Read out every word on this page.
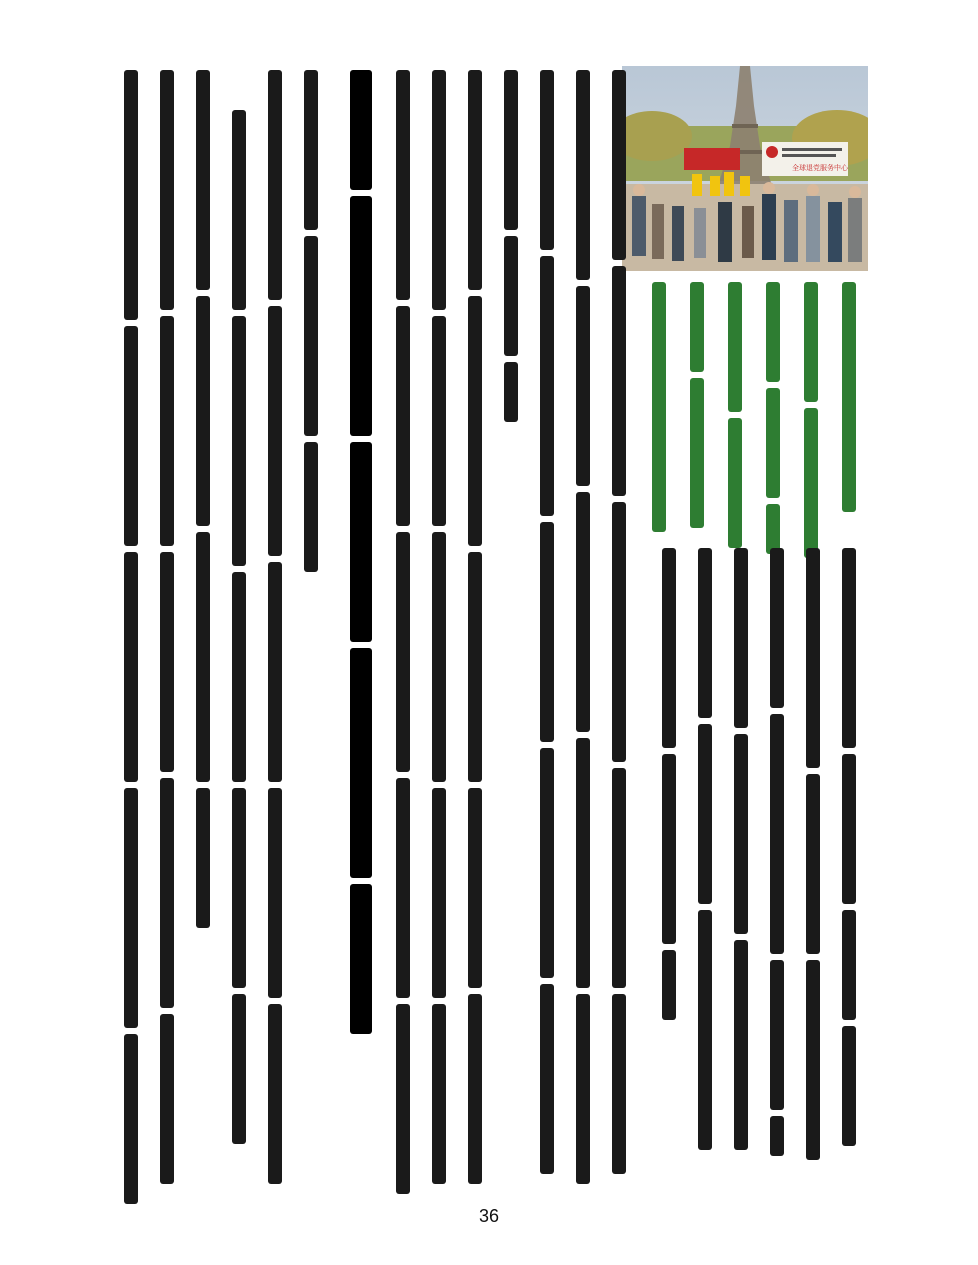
全球退党服务中心
36
